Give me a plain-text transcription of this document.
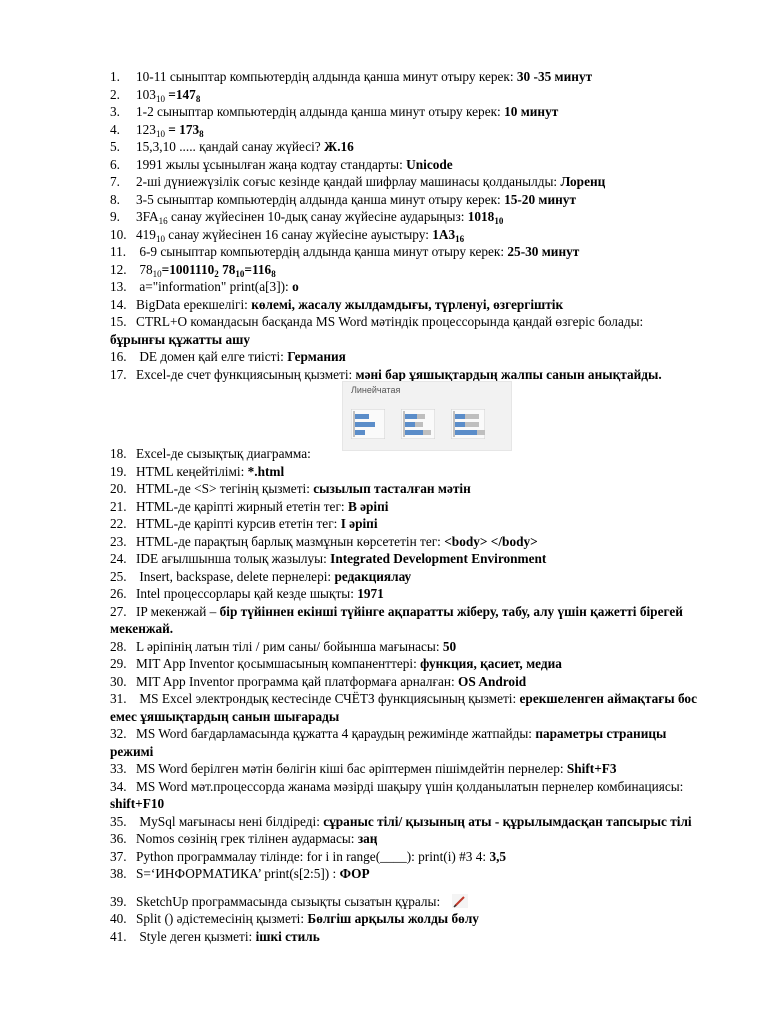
1. 10-11 сыныптар компьютердің алдында қанша минут отыру керек: 30 -35 минут
2. $103_{10} =147_8$
3. 1-2 сыныптар компьютердің алдында қанша минут отыру керек: 10 минут
4. $123_{10} = 173_8$
5. 15,3,10 ..... қандай санау жүйесі? Ж.16
6. 1991 жылы ұсынылған жаңа кодтау стандарты: Unicode
7. 2-ші дүниежүзілік соғыс кезінде қандай шифрлау машинасы қолданылды: Лоренц
8. 3-5 сыныптар компьютердің алдында қанша минут отыру керек: 15-20 минут
9. $3FA_{16}$ санау жүйесінен 10-дық санау жүйесіне аударыңыз: $1018_{10}$
10. $419_{10}$ санау жүйесінен 16 санау жүйесіне ауыстыру: $1A3_{16}$
11. 6-9 сыныптар компьютердің алдында қанша минут отыру керек: 25-30 минут
12. $78_{10}=1001110_2$ $78_{10}=116_8$
13. a="information" print(a[3]): o
14. BigData ерекшелігі: көлемі, жасалу жылдамдығы, түрленуі, өзгергіштік
15. CTRL+O командасын басқанда MS Word мәтіндік процессорында қандай өзгеріс болады: бұрынғы құжатты ашу
16. DE домен қай елге тиісті: Германия
17. Excel-де счет функциясының қызметі: мәні бар ұяшықтардың жалпы санын анықтайды.
Линейчатая
18. Excel-де сызықтық диаграмма:
19. HTML кеңейтілімі: *.html
20. HTML-де <S> тегінің қызметі: сызылып тасталған мәтін
21. HTML-де қаріпті жирный ететін тег: B әріпі
22. HTML-де қаріпті курсив ететін тег: I әріпі
23. HTML-де парақтың барлық мазмұнын көрсететін тег: <body> </body>
24. IDE ағылшынша толық жазылуы: Integrated Development Environment
25. Insert, backspase, delete пернелері: редакциялау
26. Intel процессорлары қай кезде шықты: 1971
27. IP мекенжай – бір түйіннен екінші түйінге ақпаратты жіберу, табу, алу үшін қажетті бірегей мекенжай.
28. L әріпінің латын тілі / рим саны/ бойынша мағынасы: 50
29. MIT App Inventor қосымшасының компаненттері: функция, қасиет, медиа
30. MIT App Inventor программа қай платформаға арналған: OS Android
31. MS Excel электрондық кестесінде СЧЁТЗ функциясының қызметі: ерекшеленген аймақтағы бос емес ұяшықтардың санын шығарады
32. MS Word бағдарламасында құжатта 4 қараудың режимінде жатпайды: параметры страницы режимі
33. MS Word берілген мәтін бөлігін кіші бас әріптермен пішімдейтін пернелер: Shift+F3
34. MS Word мәт.процессорда жанама мәзірді шақыру үшін қолданылатын пернелер комбинациясы: shift+F10
35. MySql мағынасы нені білдіреді: сұраныс тілі/ қызының аты - құрылымдасқан тапсырыс тілі
36. Nomos сөзінің грек тілінен аудармасы: заң
37. Python программалау тілінде: for i in range(____): print(i) #3 4: 3,5
38. S=‘ИНФОРМАТИКА’ print(s[2:5]) : ФОР
39. SketchUp программасында сызықты сызатын құралы:
40. Split () әдістемесінің қызметі: Бөлгіш арқылы жолды бөлу
41. Style деген қызметі: ішкі стиль
